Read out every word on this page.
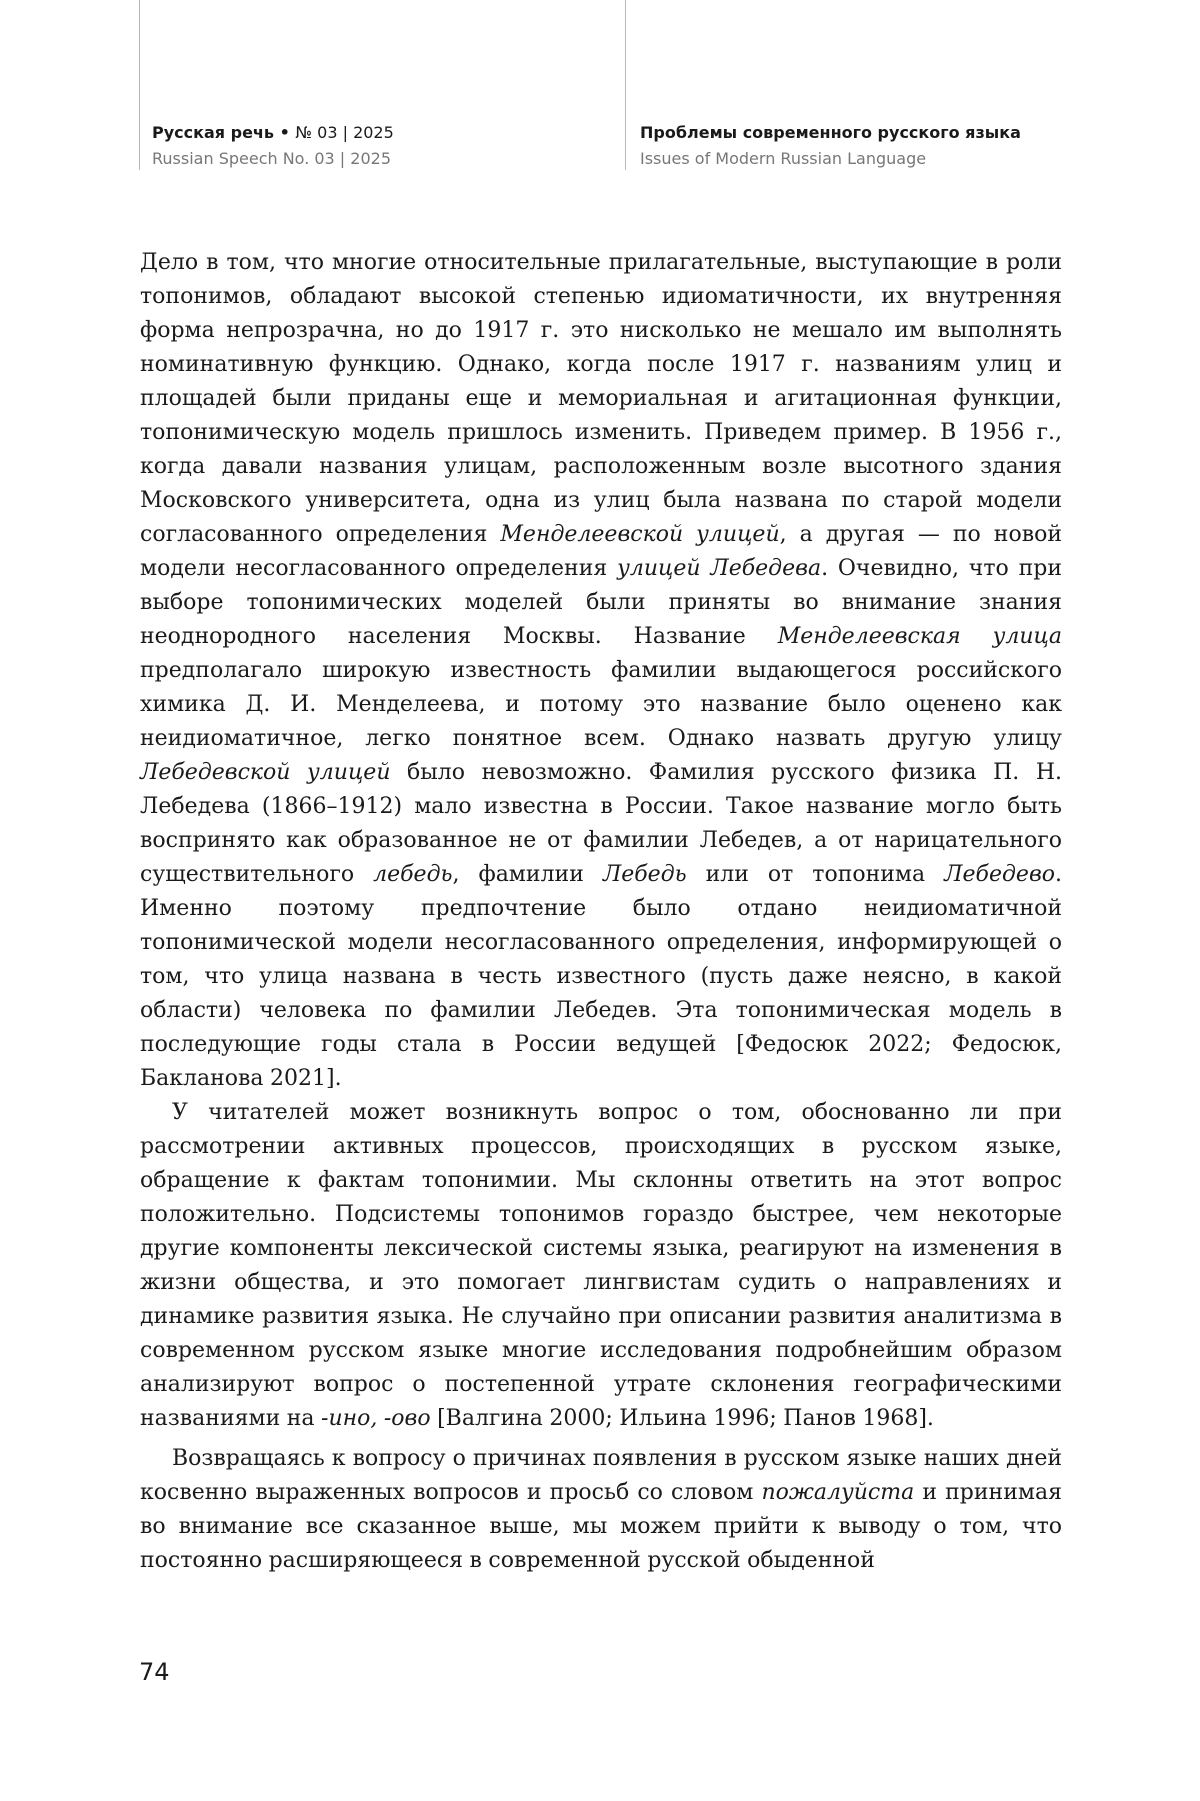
Русская речь • № 03 | 2025
Russian Speech No. 03 | 2025
Проблемы современного русского языка
Issues of Modern Russian Language

Дело в том, что многие относительные прилагательные, выступающие в роли топонимов, обладают высокой степенью идиоматичности, их внутренняя форма непрозрачна, но до 1917 г. это нисколько не мешало им выполнять номинативную функцию. Однако, когда после 1917 г. названиям улиц и площадей были приданы еще и мемориальная и агитационная функции, топонимическую модель пришлось изменить. Приведем пример. В 1956 г., когда давали названия улицам, расположенным возле высотного здания Московского университета, одна из улиц была названа по старой модели согласованного определения Менделеевской улицей, а другая — по новой модели несогласованного определения улицей Лебедева. Очевидно, что при выборе топонимических моделей были приняты во внимание знания неоднородного населения Москвы. Название Менделеевская улица предполагало широкую известность фамилии выдающегося российского химика Д. И. Менделеева, и потому это название было оценено как неидиоматичное, легко понятное всем. Однако назвать другую улицу Лебедевской улицей было невозможно. Фамилия русского физика П. Н. Лебедева (1866–1912) мало известна в России. Такое название могло быть воспринято как образованное не от фамилии Лебедев, а от нарицательного существительного лебедь, фамилии Лебедь или от топонима Лебедево. Именно поэтому предпочтение было отдано неидиоматичной топонимической модели несогласованного определения, информирующей о том, что улица названа в честь известного (пусть даже неясно, в какой области) человека по фамилии Лебедев. Эта топонимическая модель в последующие годы стала в России ведущей [Федосюк 2022; Федосюк, Бакланова 2021].

У читателей может возникнуть вопрос о том, обоснованно ли при рассмотрении активных процессов, происходящих в русском языке, обращение к фактам топонимии. Мы склонны ответить на этот вопрос положительно. Подсистемы топонимов гораздо быстрее, чем некоторые другие компоненты лексической системы языка, реагируют на изменения в жизни общества, и это помогает лингвистам судить о направлениях и динамике развития языка. Не случайно при описании развития аналитизма в современном русском языке многие исследования подробнейшим образом анализируют вопрос о постепенной утрате склонения географическими названиями на -ино, -ово [Валгина 2000; Ильина 1996; Панов 1968].

Возвращаясь к вопросу о причинах появления в русском языке наших дней косвенно выраженных вопросов и просьб со словом пожалуйста и принимая во внимание все сказанное выше, мы можем прийти к выводу о том, что постоянно расширяющееся в современной русской обыденной

74
